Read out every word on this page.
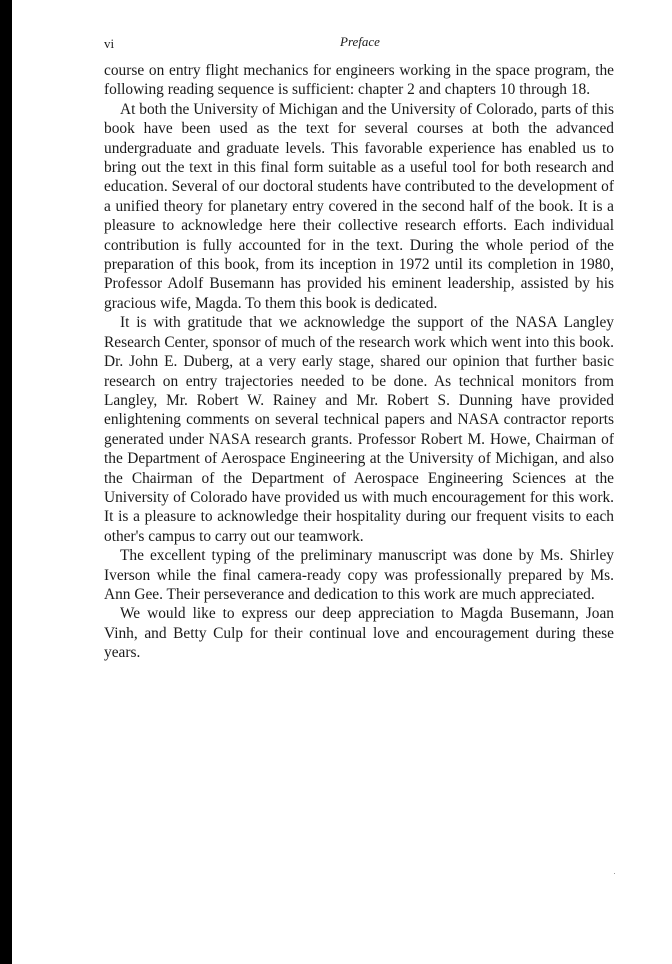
vi	Preface

course on entry flight mechanics for engineers working in the space program, the following reading sequence is sufficient: chapter 2 and chapters 10 through 18.

At both the University of Michigan and the University of Colorado, parts of this book have been used as the text for several courses at both the advanced undergraduate and graduate levels. This favorable experience has enabled us to bring out the text in this final form suitable as a useful tool for both research and education. Several of our doctoral students have contributed to the development of a unified theory for planetary entry covered in the second half of the book. It is a pleasure to acknowledge here their collective research efforts. Each individual contribution is fully accounted for in the text. During the whole period of the preparation of this book, from its inception in 1972 until its completion in 1980, Professor Adolf Busemann has provided his eminent leadership, assisted by his gracious wife, Magda. To them this book is dedicated.

It is with gratitude that we acknowledge the support of the NASA Langley Research Center, sponsor of much of the research work which went into this book. Dr. John E. Duberg, at a very early stage, shared our opinion that further basic research on entry trajectories needed to be done. As technical monitors from Langley, Mr. Robert W. Rainey and Mr. Robert S. Dunning have provided enlightening comments on several technical papers and NASA contractor reports generated under NASA research grants. Professor Robert M. Howe, Chairman of the Department of Aerospace Engineering at the University of Michigan, and also the Chairman of the Department of Aerospace Engineering Sciences at the University of Colorado have provided us with much encouragement for this work. It is a pleasure to acknowledge their hospitality during our frequent visits to each other's campus to carry out our teamwork.

The excellent typing of the preliminary manuscript was done by Ms. Shirley Iverson while the final camera-ready copy was professionally prepared by Ms. Ann Gee. Their perseverance and dedication to this work are much appreciated.

We would like to express our deep appreciation to Magda Busemann, Joan Vinh, and Betty Culp for their continual love and encouragement during these years.
